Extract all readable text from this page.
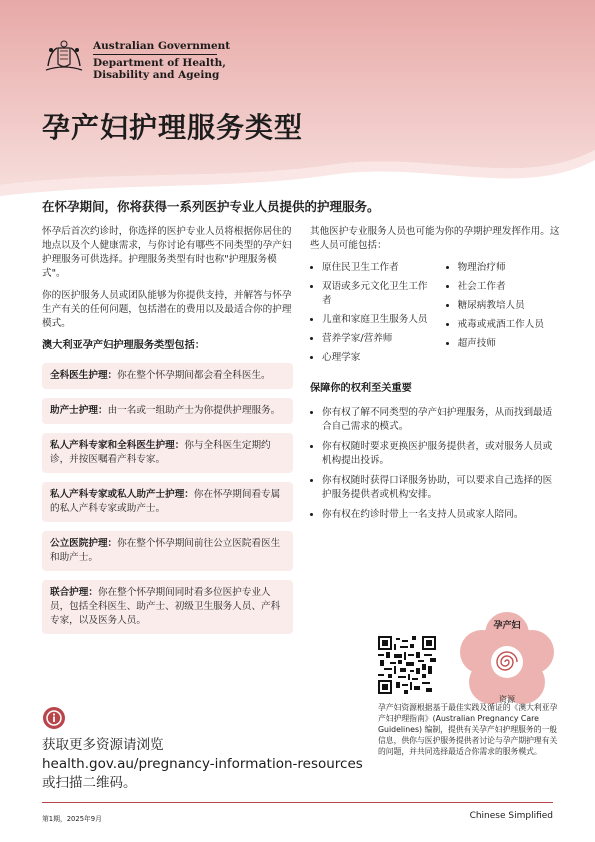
Australian Government
Department of Health,
Disability and Ageing
孕产妇护理服务类型

在怀孕期间，你将获得一系列医护专业人员提供的护理服务。

怀孕后首次约诊时，你选择的医护专业人员将根据你居住的地点以及个人健康需求，与你讨论有哪些不同类型的孕产妇护理服务可供选择。护理服务类型有时也称"护理服务模式"。

你的医护服务人员或团队能够为你提供支持，并解答与怀孕生产有关的任何问题，包括潜在的费用以及最适合你的护理模式。

澳大利亚孕产妇护理服务类型包括：
全科医生护理：你在整个怀孕期间都会看全科医生。
助产士护理：由一名或一组助产士为你提供护理服务。
私人产科专家和全科医生护理：你与全科医生定期约诊，并按医嘱看产科专家。
私人产科专家或私人助产士护理：你在怀孕期间看专属的私人产科专家或助产士。
公立医院护理：你在整个怀孕期间前往公立医院看医生和助产士。
联合护理：你在整个怀孕期间同时看多位医护专业人员，包括全科医生、助产士、初级卫生服务人员、产科专家，以及医务人员。

其他医护专业服务人员也可能为你的孕期护理发挥作用。这些人员可能包括：

• 原住民卫生工作者
• 双语或多元文化卫生工作者
• 儿童和家庭卫生服务人员
• 营养学家/营养师
• 心理学家
• 物理治疗师
• 社会工作者
• 糖尿病教培人员
• 戒毒或戒酒工作人员
• 超声技师
保障你的权利至关重要
• 你有权了解不同类型的孕产妇护理服务，从而找到最适合自己需求的模式。
• 你有权随时要求更换医护服务提供者，或对服务人员或机构提出投诉。
• 你有权随时获得口译服务协助，可以要求自己选择的医护服务提供者或机构安排。
• 你有权在约诊时带上一名支持人员或家人陪同。
孕产妇
资源
孕产妇资源根据基于最佳实践及循证的《澳大利亚孕产妇护理指南》(Australian Pregnancy Care Guidelines) 编制，提供有关孕产妇护理服务的一般信息，供你与医护服务提供者讨论与孕产期护理有关的问题，并共同选择最适合你需求的服务模式。
获取更多资源请浏览
health.gov.au/pregnancy-information-resources
或扫描二维码。
第1期，2025年9月	Chinese Simplified
